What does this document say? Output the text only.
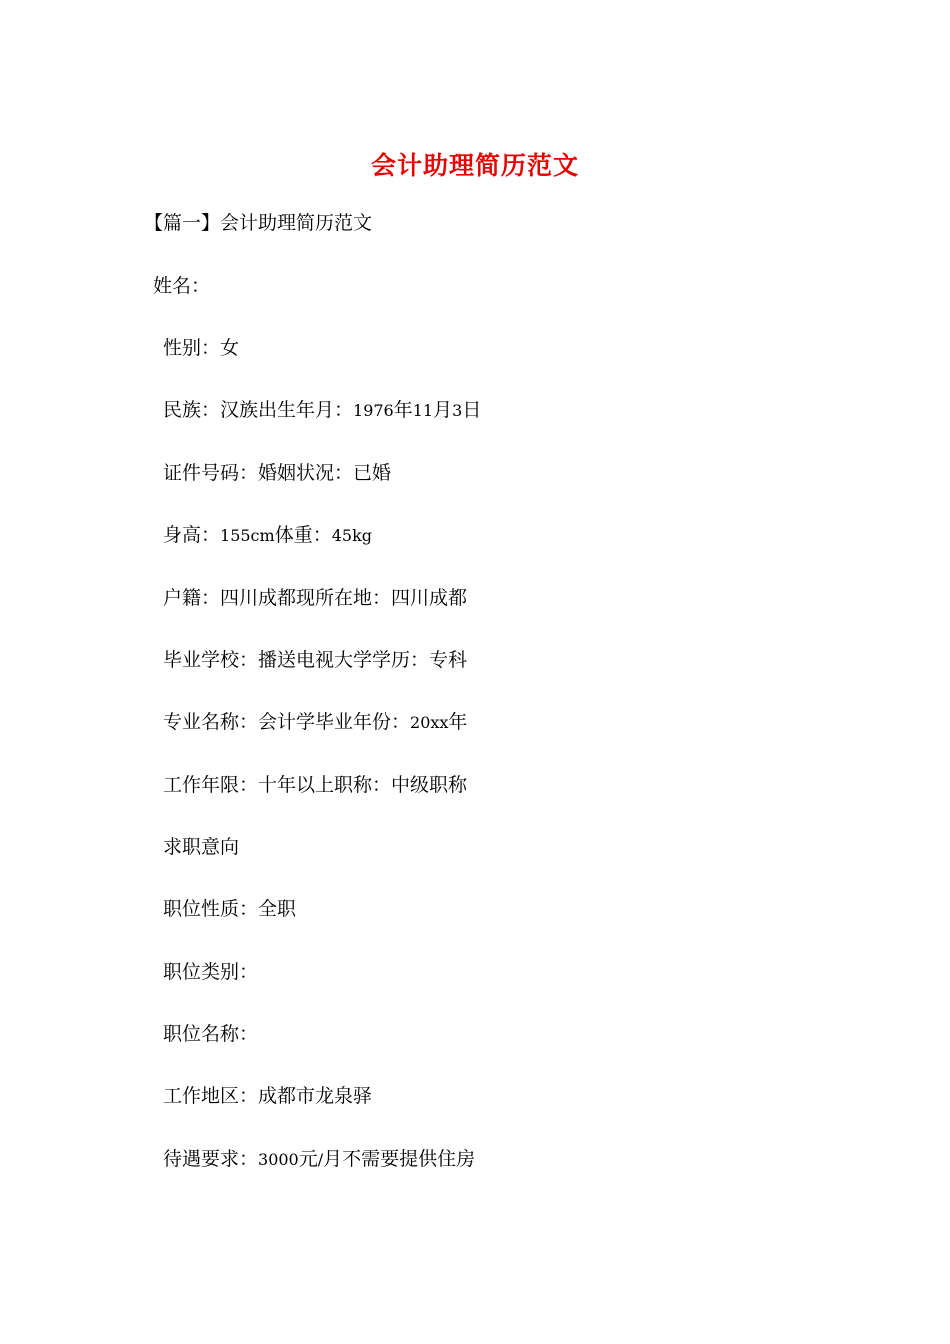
会计助理简历范文
【篇一】会计助理简历范文
姓名：
性别：女
民族：汉族出生年月：1976年11月3日
证件号码：婚姻状况：已婚
身高：155cm体重：45kg
户籍：四川成都现所在地：四川成都
毕业学校：播送电视大学学历：专科
专业名称：会计学毕业年份：20xx年
工作年限：十年以上职称：中级职称
求职意向
职位性质：全职
职位类别：
职位名称：
工作地区：成都市龙泉驿
待遇要求：3000元/月不需要提供住房
